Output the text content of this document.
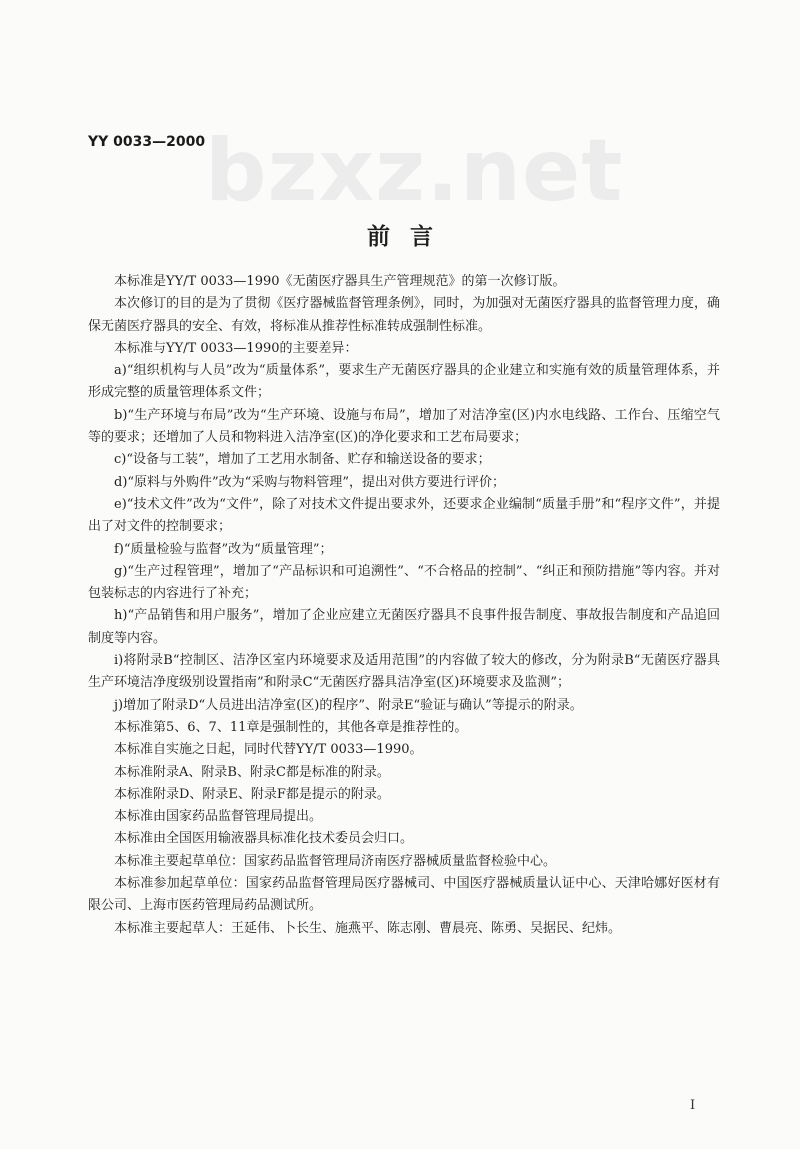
bzxz.net
YY 0033—2000
前言

本标准是YY/T 0033—1990《无菌医疗器具生产管理规范》的第一次修订版。

本次修订的目的是为了贯彻《医疗器械监督管理条例》，同时，为加强对无菌医疗器具的监督管理力度，确保无菌医疗器具的安全、有效，将标准从推荐性标准转成强制性标准。

本标准与YY/T 0033—1990的主要差异：

a)“组织机构与人员”改为“质量体系”，要求生产无菌医疗器具的企业建立和实施有效的质量管理体系，并形成完整的质量管理体系文件；

b)“生产环境与布局”改为“生产环境、设施与布局”，增加了对洁净室(区)内水电线路、工作台、压缩空气等的要求；还增加了人员和物料进入洁净室(区)的净化要求和工艺布局要求；

c)“设备与工装”，增加了工艺用水制备、贮存和输送设备的要求；

d)“原料与外购件”改为“采购与物料管理”，提出对供方要进行评价；

e)“技术文件”改为“文件”，除了对技术文件提出要求外，还要求企业编制“质量手册”和“程序文件”，并提出了对文件的控制要求；

f)“质量检验与监督”改为“质量管理”；

g)“生产过程管理”，增加了“产品标识和可追溯性”、“不合格品的控制”、“纠正和预防措施”等内容。并对包装标志的内容进行了补充；

h)“产品销售和用户服务”，增加了企业应建立无菌医疗器具不良事件报告制度、事故报告制度和产品追回制度等内容。

i)将附录B“控制区、洁净区室内环境要求及适用范围”的内容做了较大的修改，分为附录B“无菌医疗器具生产环境洁净度级别设置指南”和附录C“无菌医疗器具洁净室(区)环境要求及监测”；

j)增加了附录D“人员进出洁净室(区)的程序”、附录E“验证与确认”等提示的附录。

本标准第5、6、7、11章是强制性的，其他各章是推荐性的。

本标准自实施之日起，同时代替YY/T 0033—1990。

本标准附录A、附录B、附录C都是标准的附录。

本标准附录D、附录E、附录F都是提示的附录。

本标准由国家药品监督管理局提出。

本标准由全国医用输液器具标准化技术委员会归口。

本标准主要起草单位：国家药品监督管理局济南医疗器械质量监督检验中心。

本标准参加起草单位：国家药品监督管理局医疗器械司、中国医疗器械质量认证中心、天津哈娜好医材有限公司、上海市医药管理局药品测试所。

本标准主要起草人：王延伟、卜长生、施燕平、陈志刚、曹晨亮、陈勇、吴据民、纪炜。

I
